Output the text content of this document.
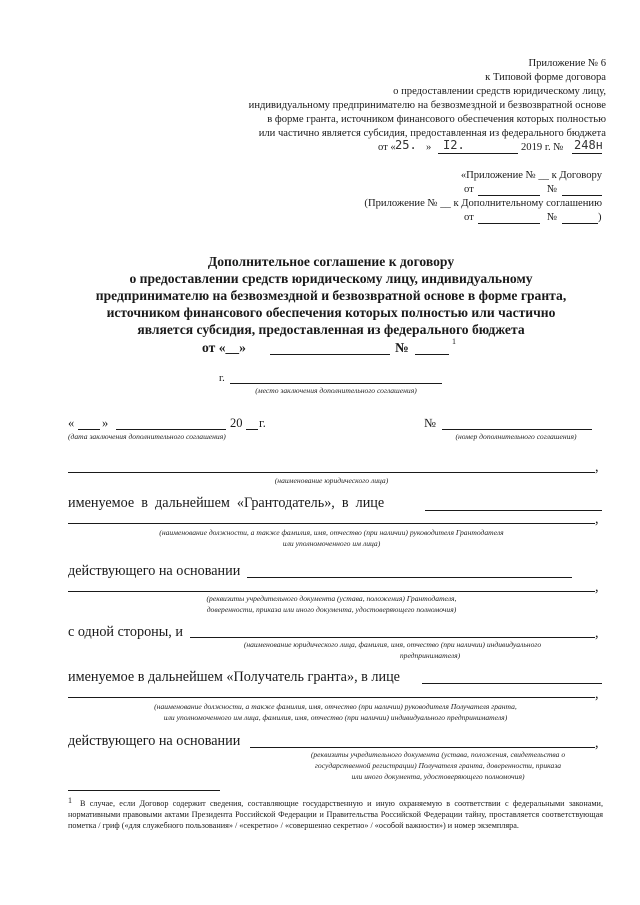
Приложение № 6
к Типовой форме договора
о предоставлении средств юридическому лицу,
индивидуальному предпринимателю на безвозмездной и безвозвратной основе
в форме гранта, источником финансового обеспечения которых полностью
или частично является субсидия, предоставленная из федерального бюджета
от « 25. » I2.	2019 г. № 248н
«Приложение № __ к Договору
от	№
(Приложение № __ к Дополнительному соглашению
от	№	)
Дополнительное соглашение к договору
о предоставлении средств юридическому лицу, индивидуальному
предпринимателю на безвозмездной и безвозвратной основе в форме гранта,
источником финансового обеспечения которых полностью или частично
является субсидия, предоставленная из федерального бюджета
от «__»	№	1
г.
(место заключения дополнительного соглашения)
« »	20 г.
(дата заключения дополнительного соглашения)
№
(номер дополнительного соглашения)
,
(наименование юридического лица)
именуемое в дальнейшем «Грантодатель», в лице
,
(наименование должности, а также фамилия, имя, отчество (при наличии) руководителя Грантодателя
или уполномоченного им лица)
действующего на основании
,
(реквизиты учредительного документа (устава, положения) Грантодателя,
доверенности, приказа или иного документа, удостоверяющего полномочия)
с одной стороны, и	,
(наименование юридического лица, фамилия, имя, отчество (при наличии) индивидуального
предпринимателя)
именуемое в дальнейшем «Получатель гранта», в лице
,
(наименование должности, а также фамилия, имя, отчество (при наличии) руководителя Получателя гранта,
или уполномоченного им лица, фамилия, имя, отчество (при наличии) индивидуального предпринимателя)
действующего на основании	,
(реквизиты учредительного документа (устава, положения, свидетельства о
государственной регистрации) Получателя гранта, доверенности, приказа
или иного документа, удостоверяющего полномочия)
1 В случае, если Договор содержит сведения, составляющие государственную и иную охраняемую в соответствии с федеральными законами, нормативными правовыми актами Президента Российской Федерации и Правительства Российской Федерации тайну, проставляется соответствующая пометка / гриф («для служебного пользования» / «секретно» / «совершенно секретно» / «особой важности») и номер экземпляра.
